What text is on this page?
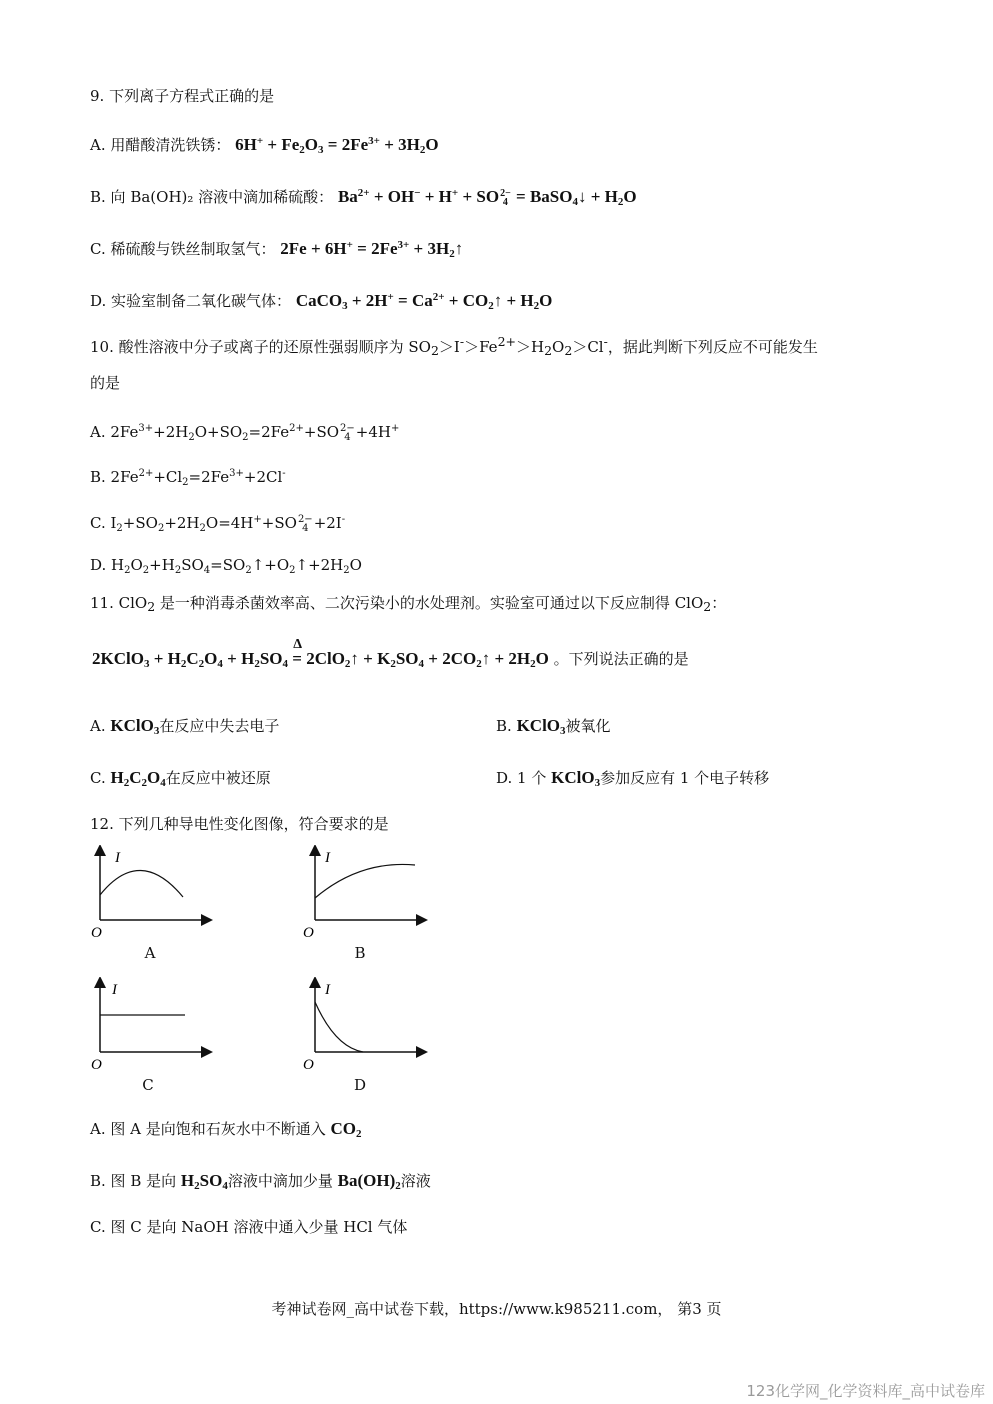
9. 下列离子方程式正确的是
A. 用醋酸清洗铁锈： $6H^+ + Fe_2O_3 = 2Fe^{3+} + 3H_2O$
B. 向 Ba(OH)₂ 溶液中滴加稀硫酸： $Ba^{2+} + OH^- + H^+$ + SO 2−
4 = BaSO$_4$↓ + $H_2O$
C. 稀硫酸与铁丝制取氢气： $2Fe + 6H^+ = 2Fe^{3+}$ + $3H_2↑$
D. 实验室制备二氧化碳气体： CaCO$_3$ + $2H^+ = Ca^{2+}$ + $CO_2↑ + H_2O$
10. 酸性溶液中分子或离子的还原性强弱顺序为 $SO_2>I^->Fe^{2+}>H_2O_2>Cl^-$，据此判断下列反应不可能发生
的是
A. $2Fe^{3+}+2H_2O+SO_2=2Fe^{2+}+SO$ 2−
4 +4H+
B. $2Fe^{2+}+Cl_2=2Fe^{3+}+2Cl^-$
C. $I_2+SO_2+2H_2O=4H^++SO$ 2−
4 +2I-
D. $H_2O_2+H_2SO_4=SO_2↑+O_2↑+2H_2O$
11. ClO$_2$ 是一种消毒杀菌效率高、二次污染小的水处理剂。实验室可通过以下反应制得 ClO$_2$：
2KClO$_3$ + $H_2C_2O_4 + H_2SO_4$
Δ
= 2ClO$_2$↑ + $K_2SO_4$ + $2CO_2↑ + 2H_2O$ 。下列说法正确的是
A. KClO$_3$在反应中失去电子	B. KClO$_3$被氧化
C. $H_2C_2O_4$在反应中被还原	D. 1 个 KClO$_3$参加反应有 1 个电子转移
12. 下列几种导电性变化图像，符合要求的是
I
O
A
I
O
B
I
O
C
I
O
D
A. 图 A 是向饱和石灰水中不断通入 $CO_2$
B. 图 B 是向 $H_2SO_4$溶液中滴加少量 $Ba(OH)_2$溶液
C. 图 C 是向 NaOH 溶液中通入少量 HCl 气体
考神试卷网_高中试卷下载，https://www.k985211.com， 第3 页
123化学网_化学资料库_高中试卷库
